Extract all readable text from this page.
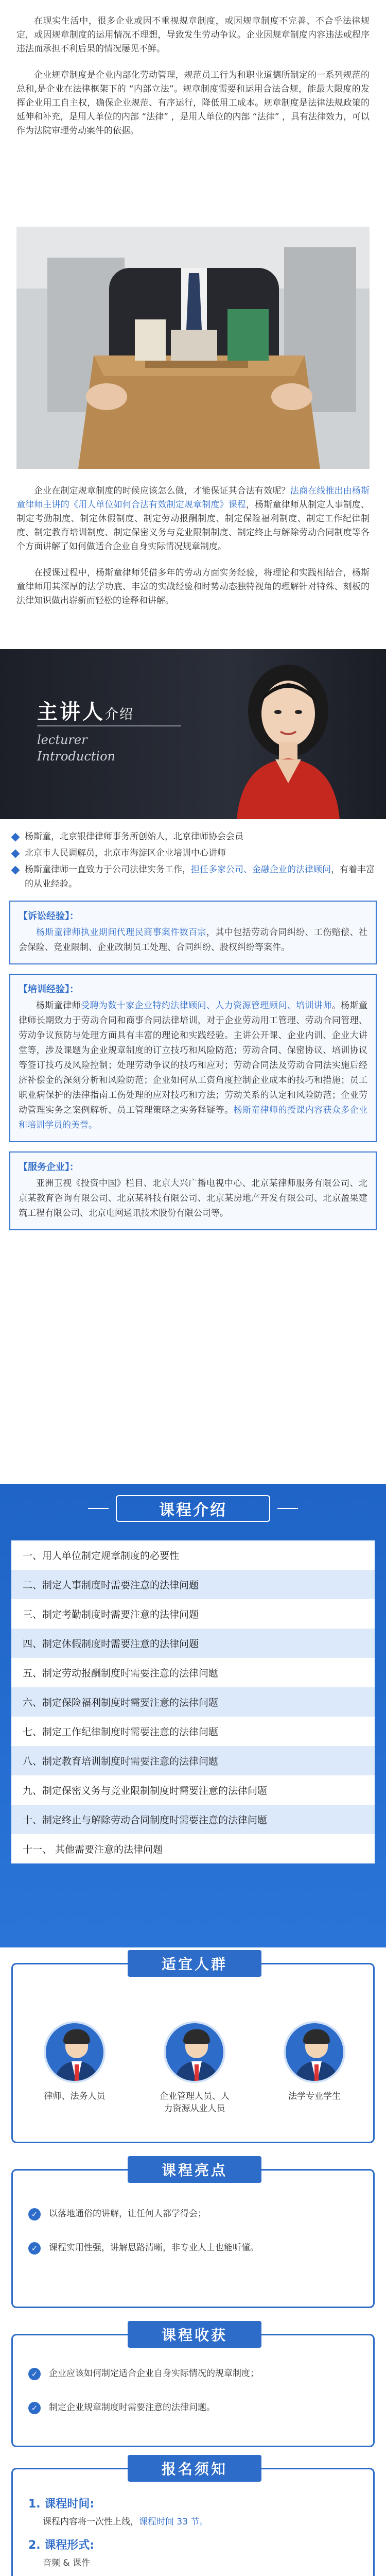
在现实生活中，很多企业或因不重视规章制度，或因规章制度不完善、不合乎法律规定，或因规章制度的运用情况不理想，导致发生劳动争议。企业因规章制度内容违法或程序违法而承担不利后果的情况屡见不鲜。

企业规章制度是企业内部化劳动管理，规范员工行为和职业道德所制定的一系列规范的总和,是企业在法律框架下的 “内部立法”。规章制度需要和运用合法合规，能最大限度的发挥企业用工自主权，确保企业规范、有序运行，降低用工成本。规章制度是法律法规政策的延伸和补充，是用人单位的内部 “法律” ，是用人单位的内部 “法律” ，具有法律效力，可以作为法院审理劳动案件的依据。

企业在制定规章制度的时候应该怎么做，才能保证其合法有效呢？法商在线推出由杨斯童律师主讲的《用人单位如何合法有效制定规章制度》课程，杨斯童律师从制定人事制度、制定考勤制度、制定休假制度、制定劳动报酬制度、制定保险福利制度、制定工作纪律制度、制定教育培训制度、制定保密义务与竞业限制制度、制定终止与解除劳动合同制度等各个方面讲解了如何做适合企业自身实际情况规章制度。

在授课过程中，杨斯童律师凭借多年的劳动方面实务经验，将理论和实践相结合，杨斯童律师用其深厚的法学功底、丰富的实战经验和时势动态独特视角的理解针对特殊、刻板的法律知识做出崭新而轻松的诠释和讲解。

主讲人介绍
lecturer
Introduction
杨斯童，北京银律律师事务所创始人，北京律师协会会员
北京市人民调解员，北京市海淀区企业培训中心讲师
杨斯童律师一直致力于公司法律实务工作，担任多家公司、金融企业的法律顾问，有着丰富的从业经验。
【诉讼经验】：
杨斯童律师执业期间代理民商事案件数百宗，其中包括劳动合同纠纷、工伤赔偿、社会保险、竞业限制、企业改制员工处理、合同纠纷、股权纠纷等案件。
【培训经验】：
杨斯童律师受聘为数十家企业特约法律顾问、人力资源管理顾问、培训讲师。杨斯童律师长期致力于劳动合同和商事合同法律培训，对于企业劳动用工管理、劳动合同管理、劳动争议预防与处理方面具有丰富的理论和实践经验。主讲公开课、企业内训、企业大讲堂等，涉及课题为企业规章制度的订立技巧和风险防范；劳动合同、保密协议、培训协议等签订技巧及风险控制；处理劳动争议的技巧和应对；劳动合同法及劳动合同法实施后经济补偿金的深刻分析和风险防范；企业如何从工资角度控制企业成本的技巧和措施；员工职业病保护的法律指南工伤处理的应对技巧和方法；劳动关系的认定和风险防范；企业劳动管理实务之案例解析、员工管理策略之实务释疑等。杨斯童律师的授课内容获众多企业和培训学员的美誉。
【服务企业】：
亚洲卫视《投资中国》栏目、北京大兴广播电视中心、北京某律师服务有限公司、北京某教育咨询有限公司、北京某科技有限公司、北京某房地产开发有限公司、北京盈果建筑工程有限公司、北京电网通讯技术股份有限公司等。
课程介绍
一、用人单位制定规章制度的必要性
二、制定人事制度时需要注意的法律问题
三、制定考勤制度时需要注意的法律问题
四、制定休假制度时需要注意的法律问题
五、制定劳动报酬制度时需要注意的法律问题
六、制定保险福利制度时需要注意的法律问题
七、制定工作纪律制度时需要注意的法律问题
八、制定教育培训制度时需要注意的法律问题
九、制定保密义务与竞业限制制度时需要注意的法律问题
十、制定终止与解除劳动合同制度时需要注意的法律问题
十一、 其他需要注意的法律问题
适宜人群
律师、法务人员	企业管理人员、人
力资源从业人员
法学专业学生
课程亮点
✓	以落地通俗的讲解，让任何人都学得会；
✓	课程实用性强，讲解思路清晰，非专业人士也能听懂。
课程收获
✓	企业应该如何制定适合企业自身实际情况的规章制度；
✓	制定企业规章制度时需要注意的法律问题。
报名须知
1. 课程时间:
课程内容将一次性上线，课程时间 33 节。
2. 课程形式:
音频 & 课件
